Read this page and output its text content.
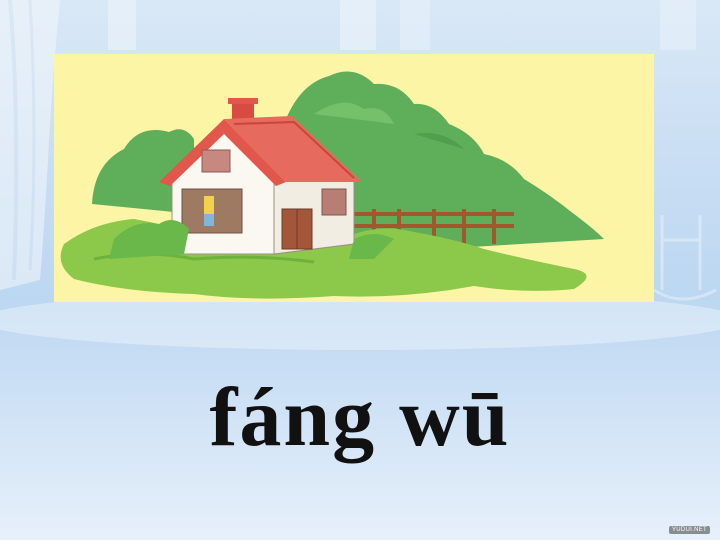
fáng wū
YUDUI.NET
